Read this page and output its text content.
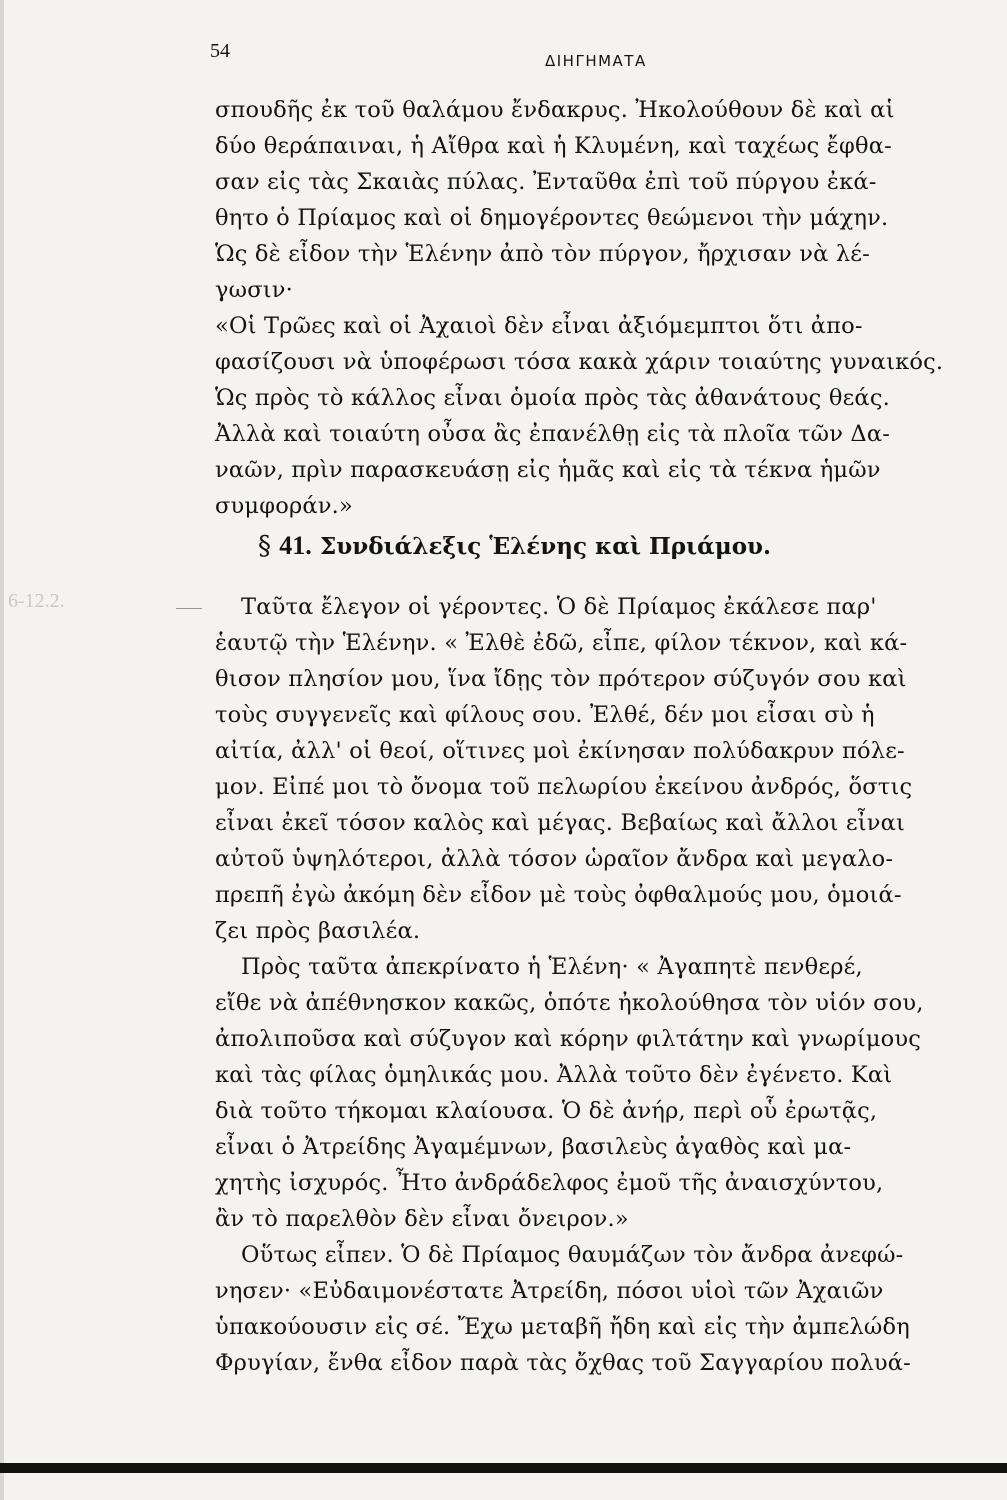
54	ΔΙΗΓΗΜΑΤΑ
σπουδῆς ἐκ τοῦ θαλάμου ἔνδακρυς. Ἠκολούθουν δὲ καὶ αἱ
δύο θεράπαιναι, ἡ Αἴθρα καὶ ἡ Κλυμένη, καὶ ταχέως ἔφθα-
σαν εἰς τὰς Σκαιὰς πύλας. Ἐνταῦθα ἐπὶ τοῦ πύργου ἐκά-
θητο ὁ Πρίαμος καὶ οἱ δημογέροντες θεώμενοι τὴν μάχην.
Ὡς δὲ εἶδον τὴν Ἑλένην ἀπὸ τὸν πύργον, ἤρχισαν νὰ λέ-
γωσιν·
«Οἱ Τρῶες καὶ οἱ Ἀχαιοὶ δὲν εἶναι ἀξιόμεμπτοι ὅτι ἀπο-
φασίζουσι νὰ ὑποφέρωσι τόσα κακὰ χάριν τοιαύτης γυναικός.
Ὡς πρὸς τὸ κάλλος εἶναι ὁμοία πρὸς τὰς ἀθανάτους θεάς.
Ἀλλὰ καὶ τοιαύτη οὖσα ἂς ἐπανέλθῃ εἰς τὰ πλοῖα τῶν Δα-
ναῶν, πρὶν παρασκευάσῃ εἰς ἡμᾶς καὶ εἰς τὰ τέκνα ἡμῶν
συμφοράν.»
§ 41. Συνδιάλεξις Ἑλένης καὶ Πριάμου.
6-12.2.	Ταῦτα ἔλεγον οἱ γέροντες. Ὁ δὲ Πρίαμος ἐκάλεσε παρ'
ἑαυτῷ τὴν Ἑλένην. « Ἐλθὲ ἐδῶ, εἶπε, φίλον τέκνον, καὶ κά-
θισον πλησίον μου, ἵνα ἴδῃς τὸν πρότερον σύζυγόν σου καὶ
τοὺς συγγενεῖς καὶ φίλους σου. Ἐλθέ, δέν μοι εἶσαι σὺ ἡ
αἰτία, ἀλλ' οἱ θεοί, οἵτινες μοὶ ἐκίνησαν πολύδακρυν πόλε-
μον. Εἰπέ μοι τὸ ὄνομα τοῦ πελωρίου ἐκείνου ἀνδρός, ὅστις
εἶναι ἐκεῖ τόσον καλὸς καὶ μέγας. Βεβαίως καὶ ἄλλοι εἶναι
αὐτοῦ ὑψηλότεροι, ἀλλὰ τόσον ὡραῖον ἄνδρα καὶ μεγαλο-
πρεπῆ ἐγὼ ἀκόμη δὲν εἶδον μὲ τοὺς ὀφθαλμούς μου, ὁμοιά-
ζει πρὸς βασιλέα.
Πρὸς ταῦτα ἀπεκρίνατο ἡ Ἑλένη· « Ἀγαπητὲ πενθερέ,
εἴθε νὰ ἀπέθνησκον κακῶς, ὁπότε ἠκολούθησα τὸν υἱόν σου,
ἀπολιποῦσα καὶ σύζυγον καὶ κόρην φιλτάτην καὶ γνωρίμους
καὶ τὰς φίλας ὁμηλικάς μου. Ἀλλὰ τοῦτο δὲν ἐγένετο. Καὶ
διὰ τοῦτο τήκομαι κλαίουσα. Ὁ δὲ ἀνήρ, περὶ οὗ ἐρωτᾷς,
εἶναι ὁ Ἀτρείδης Ἀγαμέμνων, βασιλεὺς ἀγαθὸς καὶ μα-
χητὴς ἰσχυρός. Ἦτο ἀνδράδελφος ἐμοῦ τῆς ἀναισχύντου,
ἂν τὸ παρελθὸν δὲν εἶναι ὄνειρον.»
Οὕτως εἶπεν. Ὁ δὲ Πρίαμος θαυμάζων τὸν ἄνδρα ἀνεφώ-
νησεν· «Εὐδαιμονέστατε Ἀτρείδη, πόσοι υἱοὶ τῶν Ἀχαιῶν
ὑπακούουσιν εἰς σέ. Ἔχω μεταβῆ ἤδη καὶ εἰς τὴν ἀμπελώδη
Φρυγίαν, ἔνθα εἶδον παρὰ τὰς ὄχθας τοῦ Σαγγαρίου πολυά-
